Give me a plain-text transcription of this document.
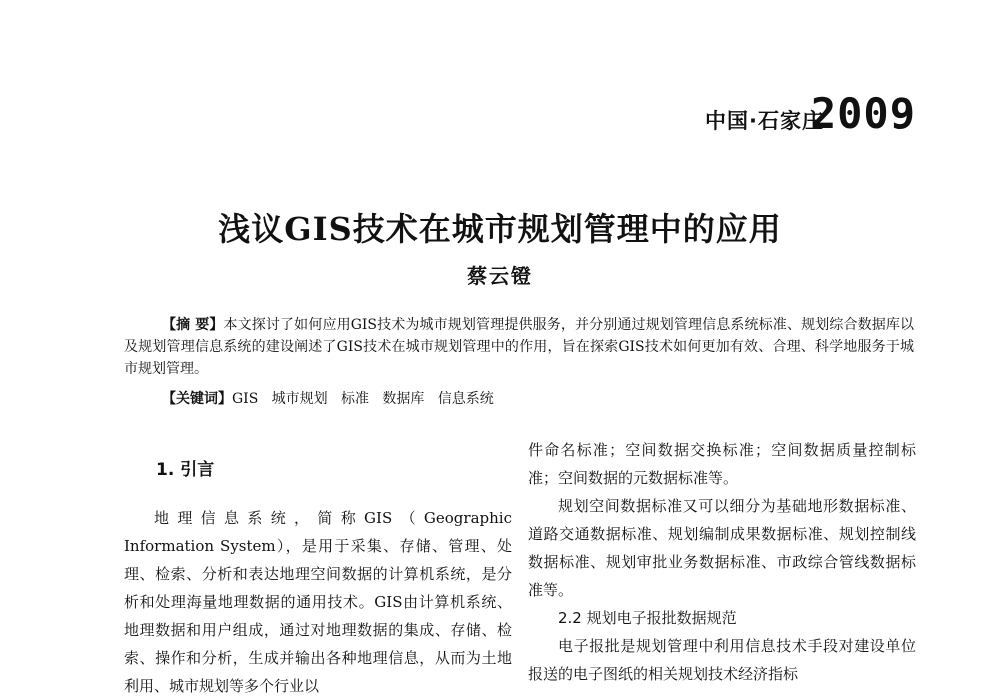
中国·石家庄
2009
浅议GIS技术在城市规划管理中的应用
蔡云镫

【摘 要】本文探讨了如何应用GIS技术为城市规划管理提供服务，并分别通过规划管理信息系统标准、规划综合数据库以及规划管理信息系统的建设阐述了GIS技术在城市规划管理中的作用，旨在探索GIS技术如何更加有效、合理、科学地服务于城市规划管理。

【关键词】GIS   城市规划   标准   数据库   信息系统

1. 引言

地理信息系统，简称GIS（Geographic Information System），是用于采集、存储、管理、处理、检索、分析和表达地理空间数据的计算机系统，是分析和处理海量地理数据的通用技术。GIS由计算机系统、地理数据和用户组成，通过对地理数据的集成、存储、检索、操作和分析，生成并输出各种地理信息，从而为土地利用、城市规划等多个行业以

件命名标准；空间数据交换标准；空间数据质量控制标准；空间数据的元数据标准等。

规划空间数据标准又可以细分为基础地形数据标准、道路交通数据标准、规划编制成果数据标准、规划控制线数据标准、规划审批业务数据标准、市政综合管线数据标准等。

2.2 规划电子报批数据规范

电子报批是规划管理中利用信息技术手段对建设单位报送的电子图纸的相关规划技术经济指标
